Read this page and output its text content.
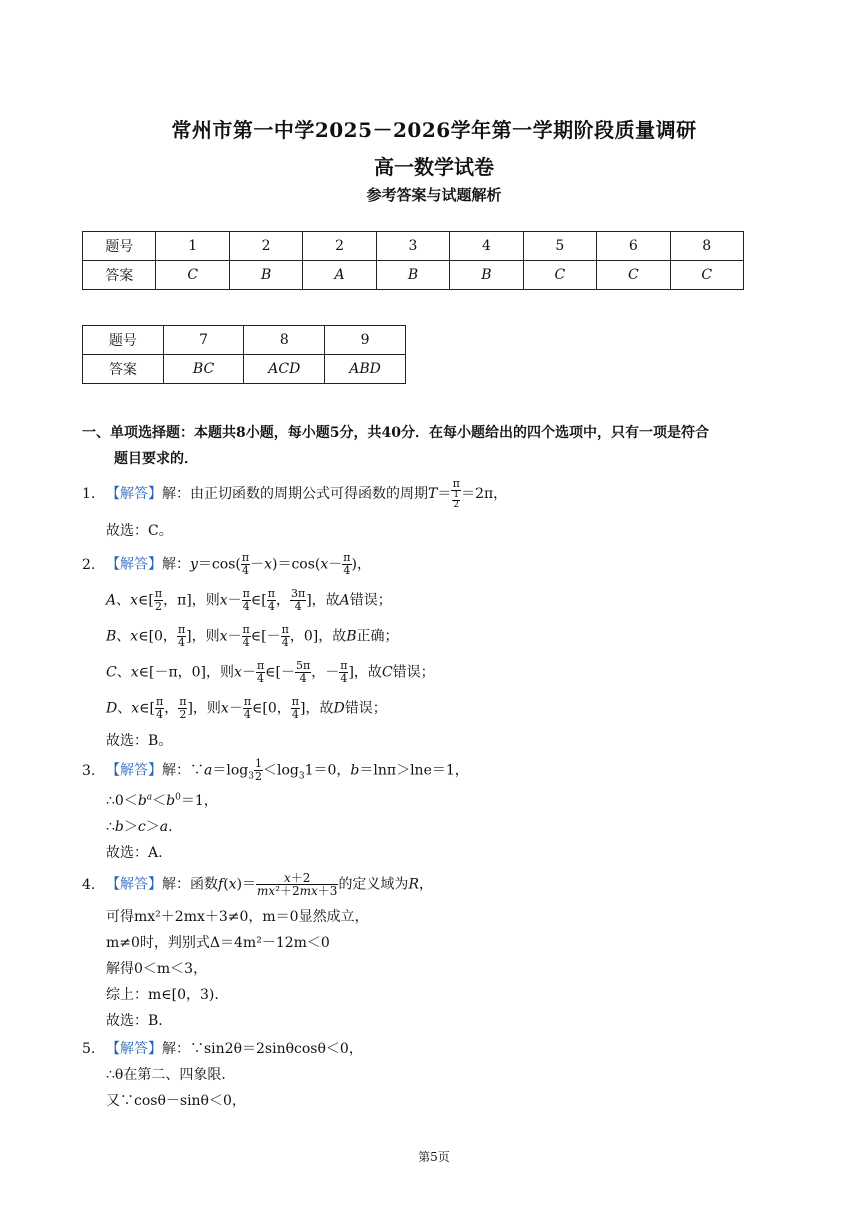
常州市第一中学2025－2026学年第一学期阶段质量调研
高一数学试卷
参考答案与试题解析
题号	1	2	2	3	4	5	6	8
答案	C	B	A	B	B	C	C	C
题号	7	8	9
答案	BC	ACD	ABD
一、单项选择题：本题共8小题，每小题5分，共40分．在每小题给出的四个选项中，只有一项是符合
题目要求的．
1. 【解答】解：由正切函数的周期公式可得函数的周期$T= \frac{\pi}{\frac{1}{2}} =2\pi$，
故选：C。
2. 【解答】解：$y=\cos( \frac{\pi}{4} -x)=\cos(x- \frac{\pi}{4}$ )，
A、x∈[ $\frac{\pi}{2}$ ，π]，则$x- \frac{\pi}{4}$ ∈[ $\frac{\pi}{4}$ ， $\frac{3\pi}{4}$ ]，故A错误；
B、x∈[0， $\frac{\pi}{4}$ ]，则$x- \frac{\pi}{4}$ ∈[－ $\frac{\pi}{4}$ ，0]，故B正确；
C、x∈[－π，0]，则$x- \frac{\pi}{4}$ ∈[－ $\frac{5\pi}{4}$ ，－ $\frac{\pi}{4}$ ]，故C错误；
D、x∈[ $\frac{\pi}{4}$ ， $\frac{\pi}{2}$ ]，则$x- \frac{\pi}{4}$ ∈[0， $\frac{\pi}{4}$ ]，故D错误；
故选：B。
3. 【解答】解：$\because a=\log_3 \frac{1}{2} <\log_31=0$，b＝lnπ＞lne＝1，
$\therefore 0<b^a<b^0=1$，
∴b＞c＞a.
故选：A.
4. 【解答】解：函数$f(x)= \frac{x+2}{\text{mx²＋2mx＋3}}$ 的定义域为R，
可得mx²＋2mx＋3≠0，m＝0显然成立，
m≠0时，判别式Δ＝4m²－12m＜0
解得0＜m＜3，
综上：m∈[0，3).
故选：B.
5. 【解答】解：∵sin2θ＝2sinθcosθ＜0，
∴θ在第二、四象限．
又∵cosθ－sinθ＜0，
第5页
